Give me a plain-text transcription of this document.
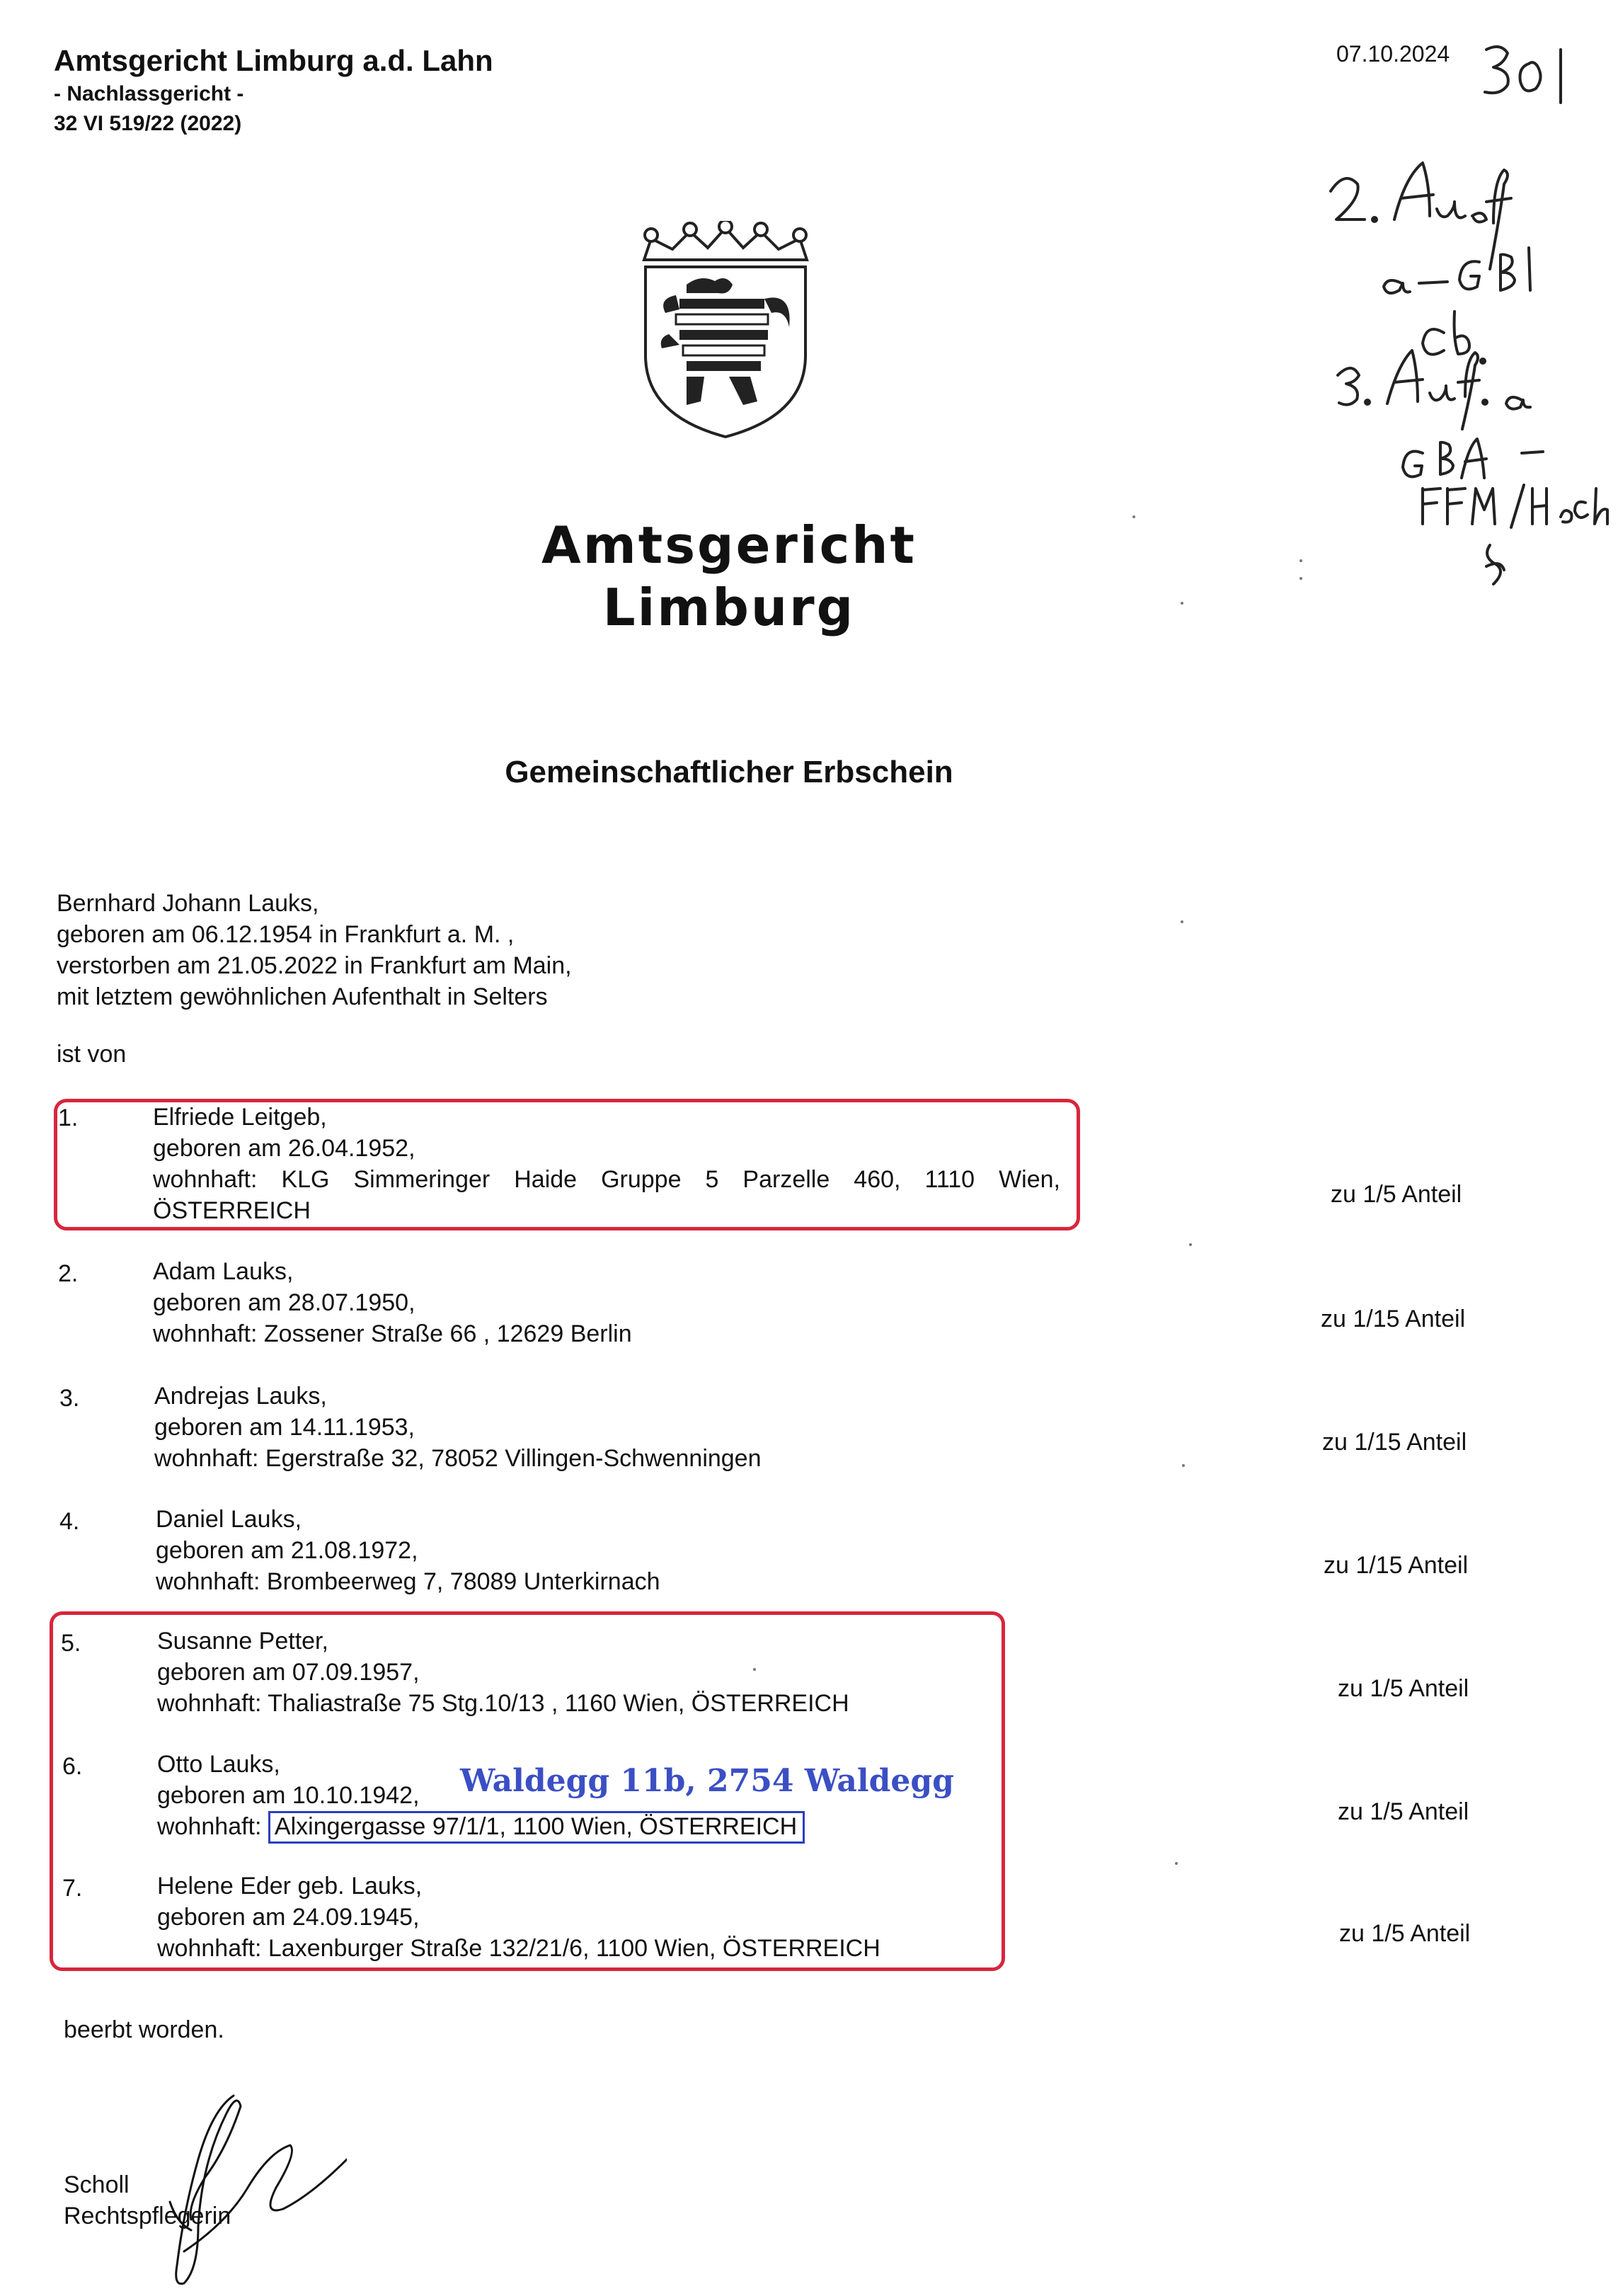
Amtsgericht Limburg a.d. Lahn
- Nachlassgericht -
32 VI 519/22 (2022)
07.10.2024
Amtsgericht
Limburg
Gemeinschaftlicher Erbschein
Bernhard Johann Lauks,
geboren am 06.12.1954 in Frankfurt a. M. ,
verstorben am 21.05.2022 in Frankfurt am Main,
mit letztem gewöhnlichen Aufenthalt in Selters
ist von
1.	Elfriede Leitgeb,
geboren am 26.04.1952,
wohnhaft: KLG Simmeringer Haide Gruppe 5 Parzelle 460, 1110 Wien,
ÖSTERREICH
zu 1/5 Anteil
2.	Adam Lauks,
geboren am 28.07.1950,
wohnhaft: Zossener Straße 66 , 12629 Berlin
zu 1/15 Anteil
3.	Andrejas Lauks,
geboren am 14.11.1953,
wohnhaft: Egerstraße 32, 78052 Villingen-Schwenningen
zu 1/15 Anteil
4.	Daniel Lauks,
geboren am 21.08.1972,
wohnhaft: Brombeerweg 7, 78089 Unterkirnach
zu 1/15 Anteil
5.	Susanne Petter,
geboren am 07.09.1957,
wohnhaft: Thaliastraße 75 Stg.10/13 , 1160 Wien, ÖSTERREICH
zu 1/5 Anteil
6.	Otto Lauks,
geboren am 10.10.1942,
wohnhaft: Alxingergasse 97/1/1, 1100 Wien, ÖSTERREICH
Waldegg 11b, 2754 Waldegg
zu 1/5 Anteil
7.	Helene Eder geb. Lauks,
geboren am 24.09.1945,
wohnhaft: Laxenburger Straße 132/21/6, 1100 Wien, ÖSTERREICH
zu 1/5 Anteil
beerbt worden.
Scholl
Rechtspflegerin
